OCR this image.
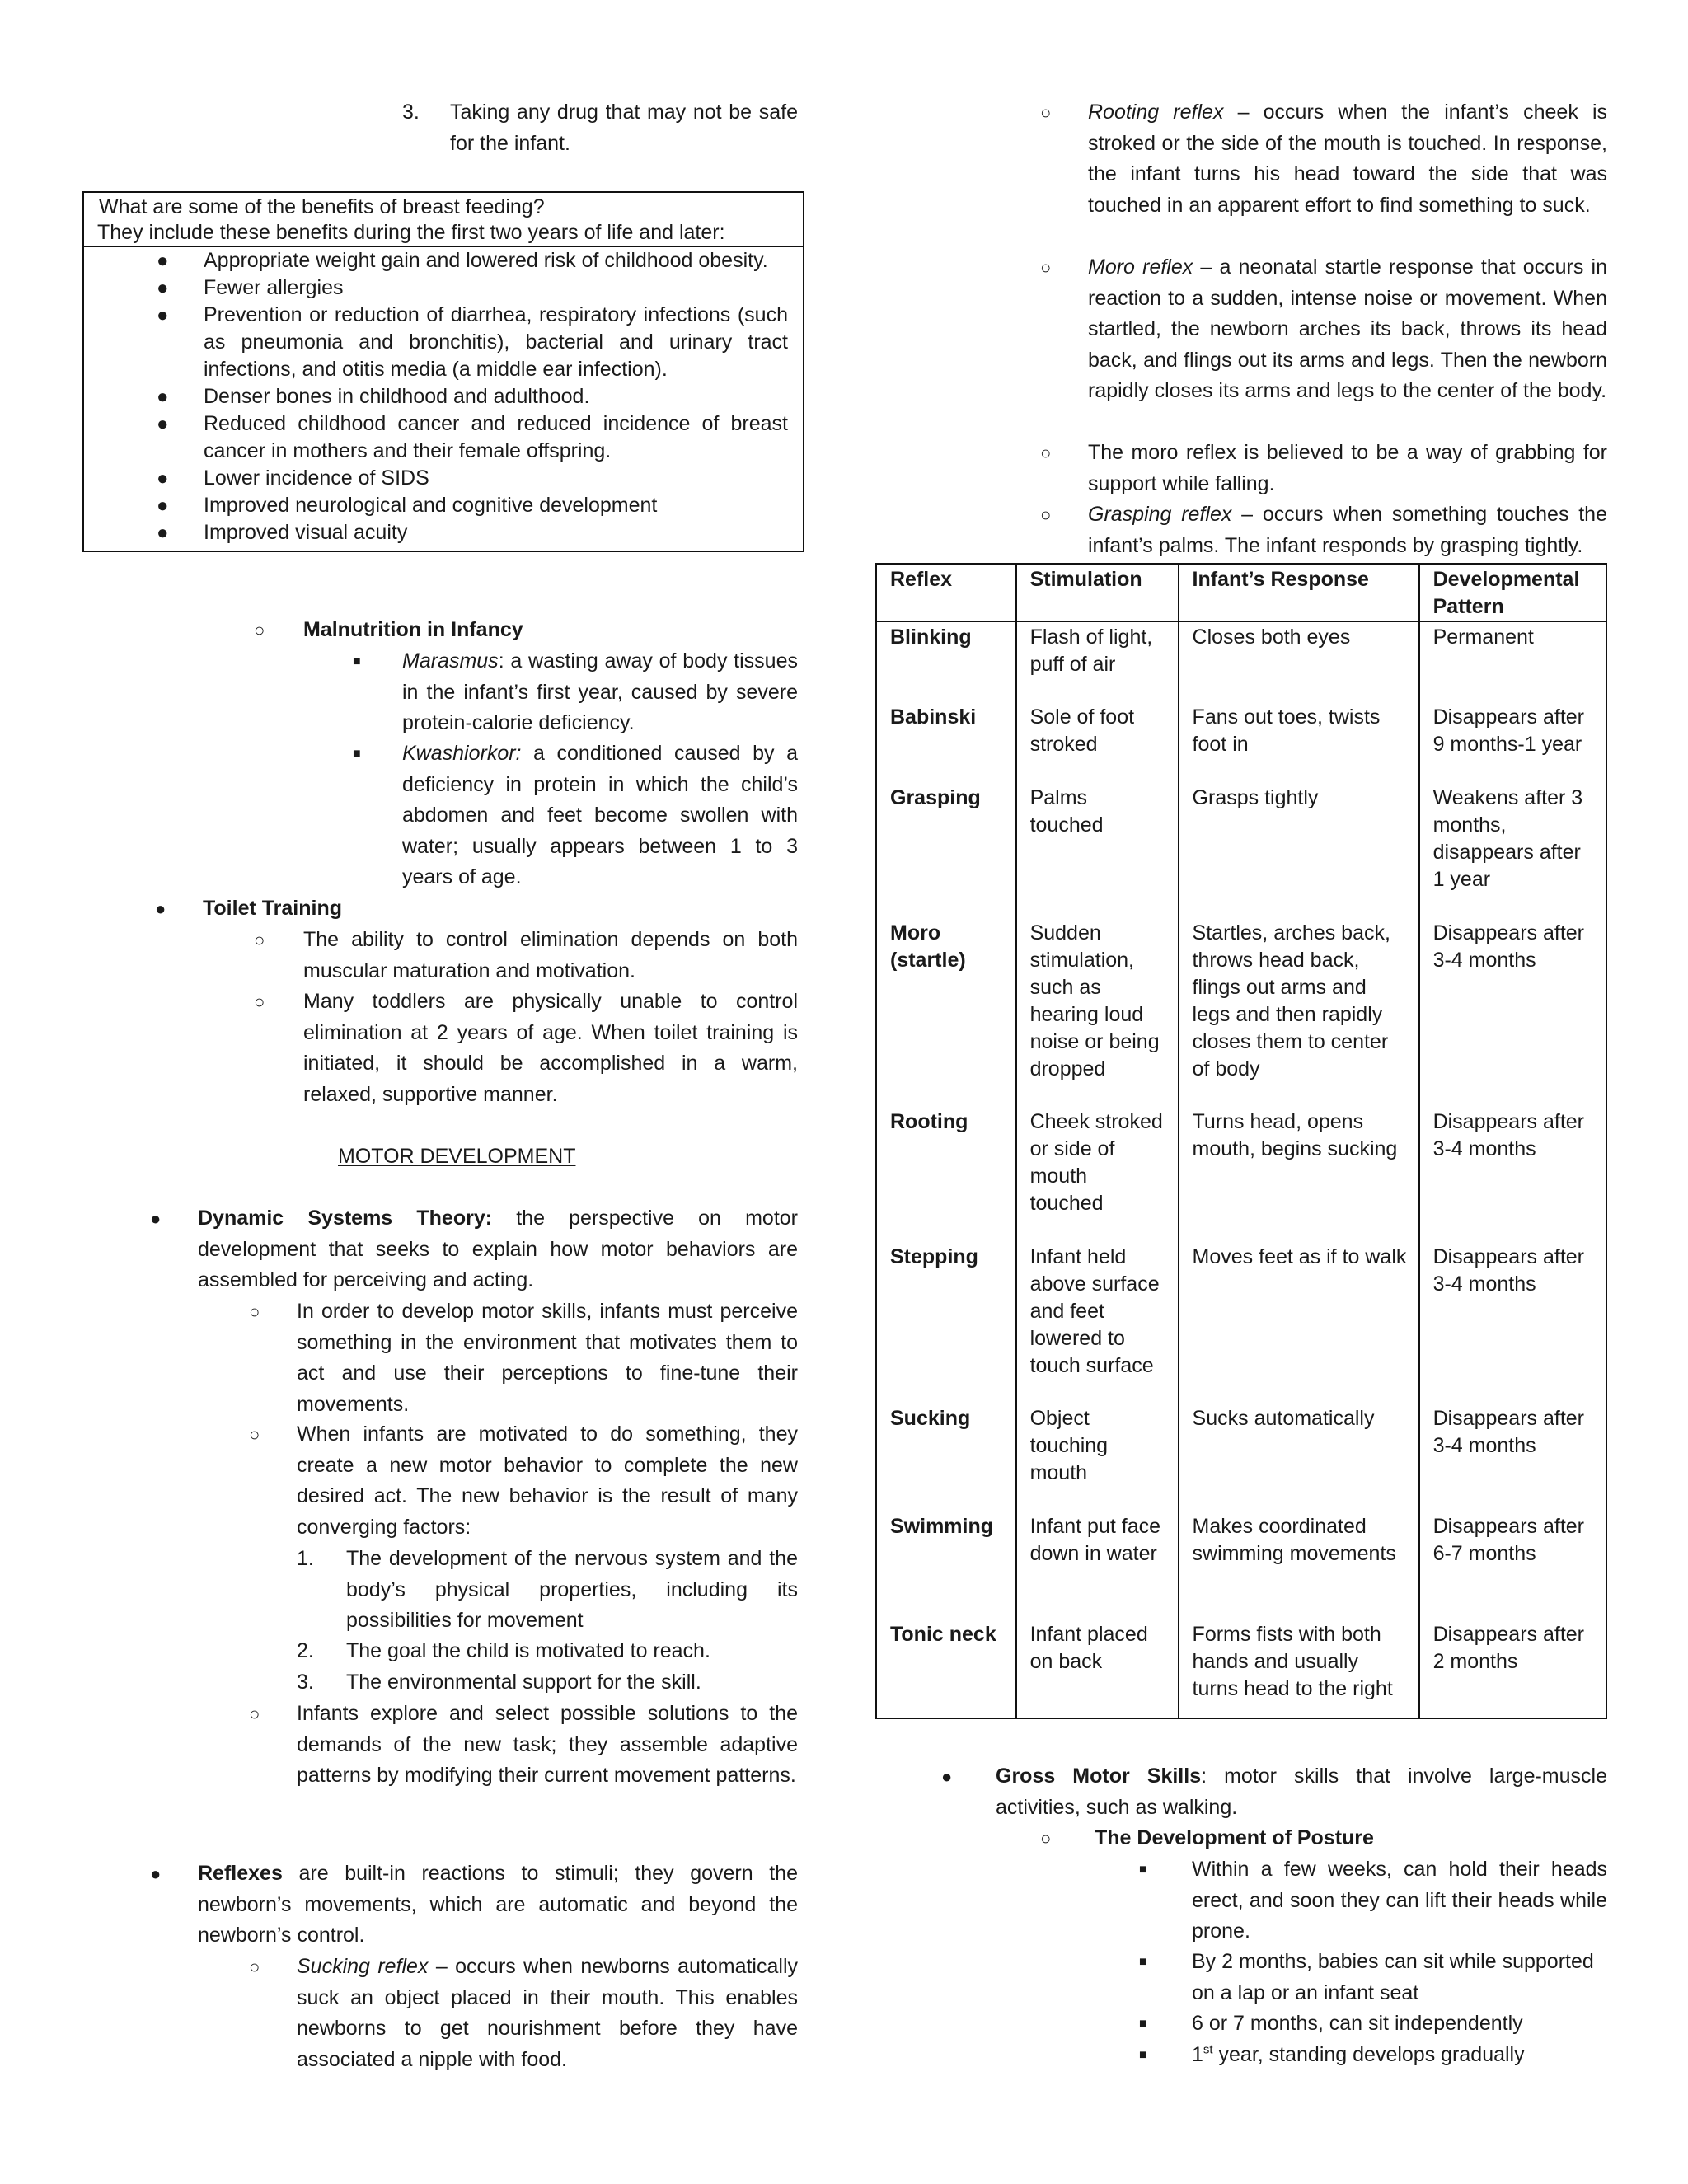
3.	Taking any drug that may not be safe for the infant.
What are some of the benefits of breast feeding?
They include these benefits during the first two years of life and later:
● Appropriate weight gain and lowered risk of childhood obesity.
● Fewer allergies
● Prevention or reduction of diarrhea, respiratory infections (such as pneumonia and bronchitis), bacterial and urinary tract infections, and otitis media (a middle ear infection).
● Denser bones in childhood and adulthood.
● Reduced childhood cancer and reduced incidence of breast cancer in mothers and their female offspring.
● Lower incidence of SIDS
● Improved neurological and cognitive development
● Improved visual acuity
○	Malnutrition in Infancy
■	Marasmus: a wasting away of body tissues in the infant’s first year, caused by severe protein-calorie deficiency.
■	Kwashiorkor: a conditioned caused by a deficiency in protein in which the child’s abdomen and feet become swollen with water; usually appears between 1 to 3 years of age.
●	Toilet Training
○	The ability to control elimination depends on both muscular maturation and motivation.
○	Many toddlers are physically unable to control elimination at 2 years of age. When toilet training is initiated, it should be accomplished in a warm, relaxed, supportive manner.
MOTOR DEVELOPMENT
●	Dynamic Systems Theory: the perspective on motor development that seeks to explain how motor behaviors are assembled for perceiving and acting.
○	In order to develop motor skills, infants must perceive something in the environment that motivates them to act and use their perceptions to fine-tune their movements.
○	When infants are motivated to do something, they create a new motor behavior to complete the new desired act. The new behavior is the result of many converging factors:
1.	The development of the nervous system and the body’s physical properties, including its possibilities for movement
2.	The goal the child is motivated to reach.
3.	The environmental support for the skill.
○	Infants explore and select possible solutions to the demands of the new task; they assemble adaptive patterns by modifying their current movement patterns.
●	Reflexes are built-in reactions to stimuli; they govern the newborn’s movements, which are automatic and beyond the newborn’s control.
○	Sucking reflex – occurs when newborns automatically suck an object placed in their mouth. This enables newborns to get nourishment before they have associated a nipple with food.
○	Rooting reflex – occurs when the infant’s cheek is stroked or the side of the mouth is touched. In response, the infant turns his head toward the side that was touched in an apparent effort to find something to suck.
○	Moro reflex – a neonatal startle response that occurs in reaction to a sudden, intense noise or movement. When startled, the newborn arches its back, throws its head back, and flings out its arms and legs. Then the newborn rapidly closes its arms and legs to the center of the body.
○	The moro reflex is believed to be a way of grabbing for support while falling.
○	Grasping reflex – occurs when something touches the infant’s palms. The infant responds by grasping tightly.
Reflex	Stimulation	Infant’s Response	Developmental Pattern
Blinking	Flash of light, puff of air	Closes both eyes	Permanent
Babinski	Sole of foot stroked	Fans out toes, twists foot in	Disappears after 9 months-1 year
Grasping	Palms touched	Grasps tightly	Weakens after 3 months, disappears after 1 year
Moro (startle)	Sudden stimulation, such as hearing loud noise or being dropped	Startles, arches back, throws head back, flings out arms and legs and then rapidly closes them to center of body	Disappears after 3-4 months
Rooting	Cheek stroked or side of mouth touched	Turns head, opens mouth, begins sucking	Disappears after 3-4 months
Stepping	Infant held above surface and feet lowered to touch surface	Moves feet as if to walk	Disappears after 3-4 months
Sucking	Object touching mouth	Sucks automatically	Disappears after 3-4 months
Swimming	Infant put face down in water	Makes coordinated swimming movements	Disappears after 6-7 months
Tonic neck	Infant placed on back	Forms fists with both hands and usually turns head to the right	Disappears after 2 months
●	Gross Motor Skills: motor skills that involve large-muscle activities, such as walking.
○	The Development of Posture
■	Within a few weeks, can hold their heads erect, and soon they can lift their heads while prone.
■	By 2 months, babies can sit while supported on a lap or an infant seat
■	6 or 7 months, can sit independently
■	1st year, standing develops gradually
